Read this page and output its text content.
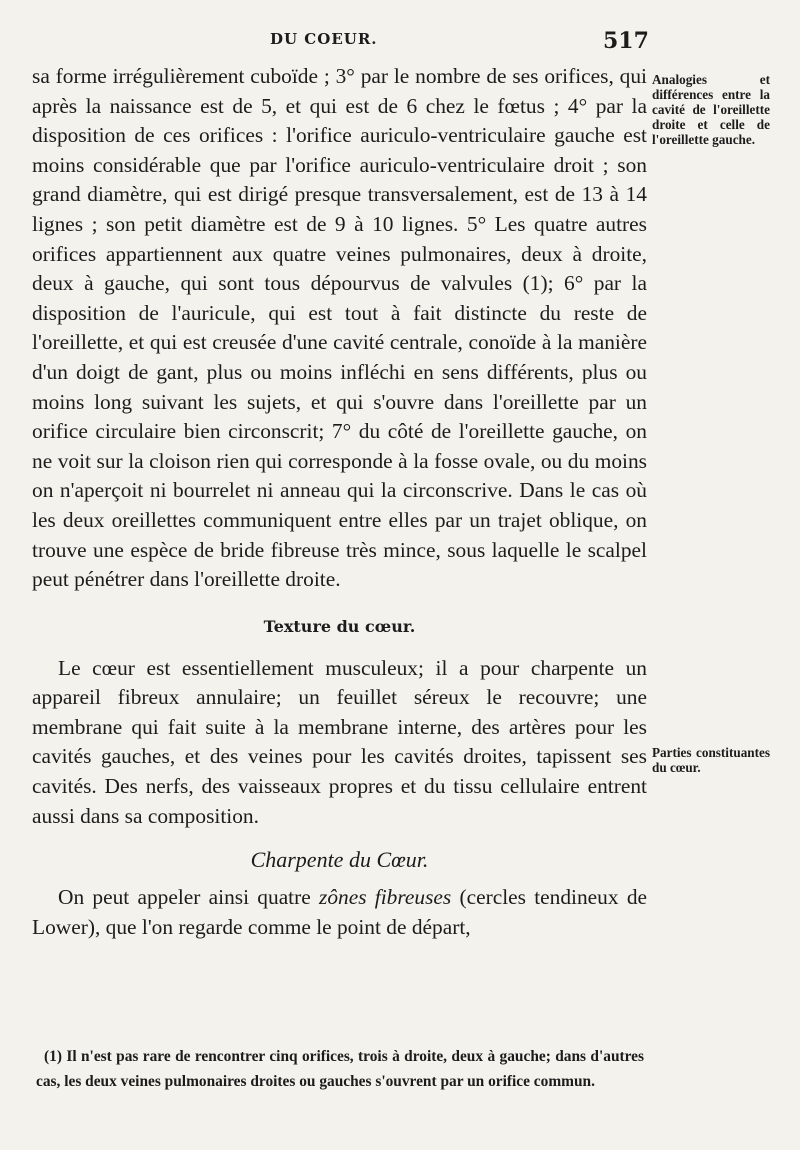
DU COEUR.	517

sa forme irrégulièrement cuboïde ; 3° par le nombre de ses orifices, qui après la naissance est de 5, et qui est de 6 chez le fœtus ; 4° par la disposition de ces orifices : l'orifice auriculo-ventriculaire gauche est moins considérable que par l'orifice auriculo-ventriculaire droit ; son grand diamètre, qui est dirigé presque transversalement, est de 13 à 14 lignes ; son petit diamètre est de 9 à 10 lignes. 5° Les quatre autres orifices appartiennent aux quatre veines pulmonaires, deux à droite, deux à gauche, qui sont tous dépourvus de valvules (1); 6° par la disposition de l'auricule, qui est tout à fait distincte du reste de l'oreillette, et qui est creusée d'une cavité centrale, conoïde à la manière d'un doigt de gant, plus ou moins infléchi en sens différents, plus ou moins long suivant les sujets, et qui s'ouvre dans l'oreillette par un orifice circulaire bien circonscrit; 7° du côté de l'oreillette gauche, on ne voit sur la cloison rien qui corresponde à la fosse ovale, ou du moins on n'aperçoit ni bourrelet ni anneau qui la circonscrive. Dans le cas où les deux oreillettes communiquent entre elles par un trajet oblique, on trouve une espèce de bride fibreuse très mince, sous laquelle le scalpel peut pénétrer dans l'oreillette droite.

Texture du cœur.

Le cœur est essentiellement musculeux; il a pour charpente un appareil fibreux annulaire; un feuillet séreux le recouvre; une membrane qui fait suite à la membrane interne, des artères pour les cavités gauches, et des veines pour les cavités droites, tapissent ses cavités. Des nerfs, des vaisseaux propres et du tissu cellulaire entrent aussi dans sa composition.

Charpente du Cœur.

On peut appeler ainsi quatre zônes fibreuses (cercles tendineux de Lower), que l'on regarde comme le point de départ,

Analogies et différences entre la cavité de l'oreillette droite et celle de l'oreillette gauche.
Parties constituantes du cœur.
(1) Il n'est pas rare de rencontrer cinq orifices, trois à droite, deux à gauche; dans d'autres cas, les deux veines pulmonaires droites ou gauches s'ouvrent par un orifice commun.
